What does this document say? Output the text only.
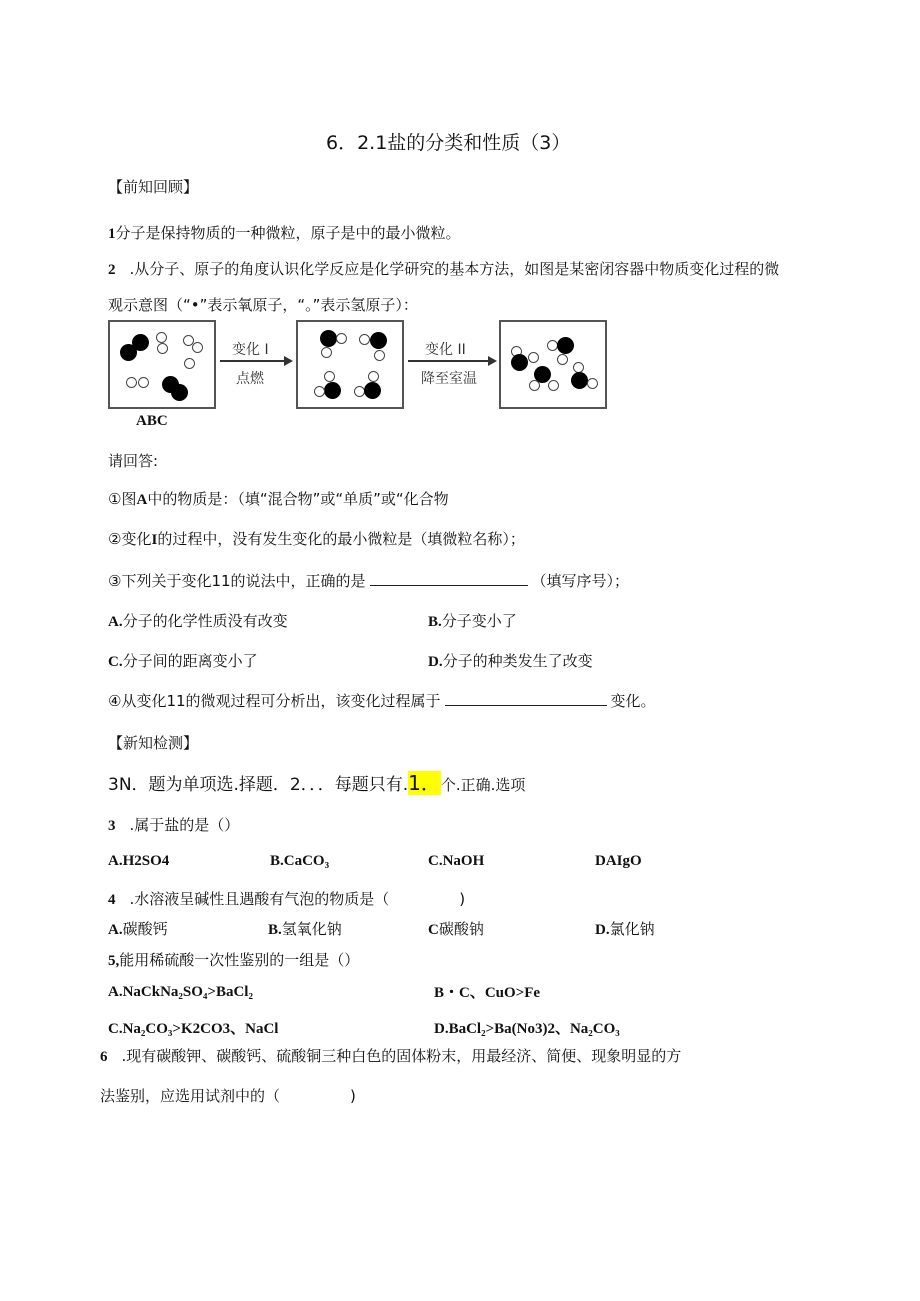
6．2.1盐的分类和性质（3）
【前知回顾】
1分子是保持物质的一种微粒，原子是中的最小微粒。
2 .从分子、原子的角度认识化学反应是化学研究的基本方法，如图是某密闭容器中物质变化过程的微
观示意图（“•”表示氧原子，“。”表示氢原子）：
变化 I
点燃
变化 II
降至室温
ABC
请回答:
①图A中的物质是：（填“混合物”或“单质”或“化合物
②变化I的过程中，没有发生变化的最小微粒是（填微粒名称）；
③下列关于变化11的说法中，正确的是	（填写序号）；
A.分子的化学性质没有改变	B.分子变小了
C.分子间的距离变小了	D.分子的种类发生了改变
④从变化11的微观过程可分析出，该变化过程属于	变化。
【新知检测】
3N．题为单项选.择题．2．．．每题只有.1．个.正确.选项
3 .属于盐的是（）
A.H2SO4	B.CaCO₃	C.NaOH	DAIgO
4 .水溶液呈碱性且遇酸有气泡的物质是（	)
A.碳酸钙	B.氢氧化钠	C碳酸钠	D.氯化钠
5,能用稀硫酸一次性鉴别的一组是（）
A.NaCkNa₂SO₄>BaCl₂	B・C、CuO>Fe
C.Na₂CO₃>K2CO3、NaCl	D.BaCl₂>Ba(No3)2、Na₂CO₃
6 .现有碳酸钾、碳酸钙、硫酸铜三种白色的固体粉末，用最经济、简便、现象明显的方
法鉴别，应选用试剂中的（	)
